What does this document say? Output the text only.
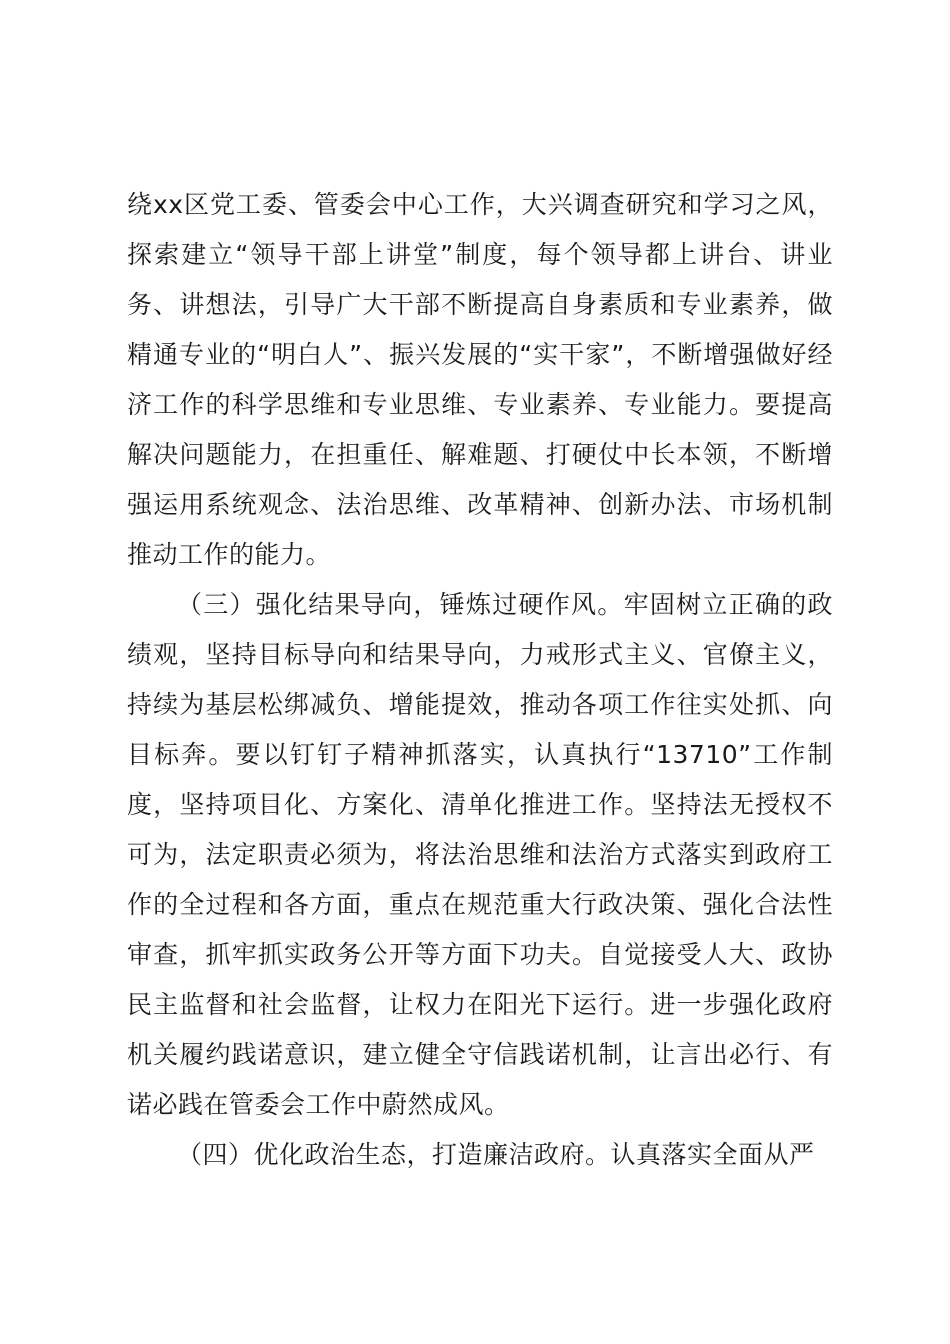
绕xx区党工委、管委会中心工作，大兴调查研究和学习之风，探索建立“领导干部上讲堂”制度，每个领导都上讲台、讲业务、讲想法，引导广大干部不断提高自身素质和专业素养，做精通专业的“明白人”、振兴发展的“实干家”，不断增强做好经济工作的科学思维和专业思维、专业素养、专业能力。要提高解决问题能力，在担重任、解难题、打硬仗中长本领，不断增强运用系统观念、法治思维、改革精神、创新办法、市场机制推动工作的能力。

（三）强化结果导向，锤炼过硬作风。牢固树立正确的政绩观，坚持目标导向和结果导向，力戒形式主义、官僚主义，持续为基层松绑减负、增能提效，推动各项工作往实处抓、向目标奔。要以钉钉子精神抓落实，认真执行“13710”工作制度，坚持项目化、方案化、清单化推进工作。坚持法无授权不可为，法定职责必须为，将法治思维和法治方式落实到政府工作的全过程和各方面，重点在规范重大行政决策、强化合法性审查，抓牢抓实政务公开等方面下功夫。自觉接受人大、政协民主监督和社会监督，让权力在阳光下运行。进一步强化政府机关履约践诺意识，建立健全守信践诺机制，让言出必行、有诺必践在管委会工作中蔚然成风。

（四）优化政治生态，打造廉洁政府。认真落实全面从严
